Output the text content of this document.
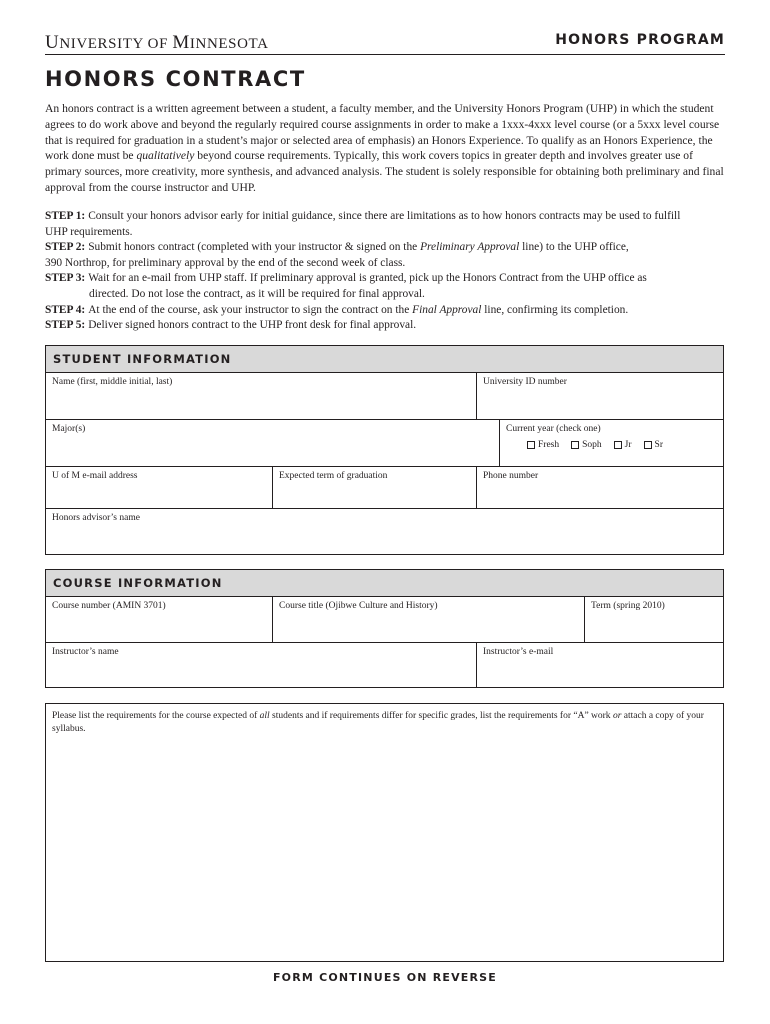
UNIVERSITY OF MINNESOTA	HONORS PROGRAM
HONORS CONTRACT
An honors contract is a written agreement between a student, a faculty member, and the University Honors Program (UHP) in which the student agrees to do work above and beyond the regularly required course assignments in order to make a 1xxx-4xxx level course (or a 5xxx level course that is required for graduation in a student’s major or selected area of emphasis) an Honors Experience. To qualify as an Honors Experience, the work done must be qualitatively beyond course requirements. Typically, this work covers topics in greater depth and involves greater use of primary sources, more creativity, more synthesis, and advanced analysis. The student is solely responsible for obtaining both preliminary and final approval from the course instructor and UHP.
STEP 1: Consult your honors advisor early for initial guidance, since there are limitations as to how honors contracts may be used to fulfill
UHP requirements.
STEP 2: Submit honors contract (completed with your instructor & signed on the Preliminary Approval line) to the UHP office,
390 Northrop, for preliminary approval by the end of the second week of class.
STEP 3: Wait for an e-mail from UHP staff. If preliminary approval is granted, pick up the Honors Contract from the UHP office as
directed. Do not lose the contract, as it will be required for final approval.
STEP 4: At the end of the course, ask your instructor to sign the contract on the Final Approval line, confirming its completion.
STEP 5: Deliver signed honors contract to the UHP front desk for final approval.
STUDENT INFORMATION
Name (first, middle initial, last)	University ID number
Major(s)	Current year (check one)
Fresh Soph Jr Sr
U of M e-mail address	Expected term of graduation	Phone number
Honors advisor’s name
COURSE INFORMATION
Course number (AMIN 3701)	Course title (Ojibwe Culture and History)	Term (spring 2010)
Instructor’s name	Instructor’s e-mail
Please list the requirements for the course expected of all students and if requirements differ for specific grades, list the requirements for “A” work or attach a copy of your syllabus.
FORM CONTINUES ON REVERSE
